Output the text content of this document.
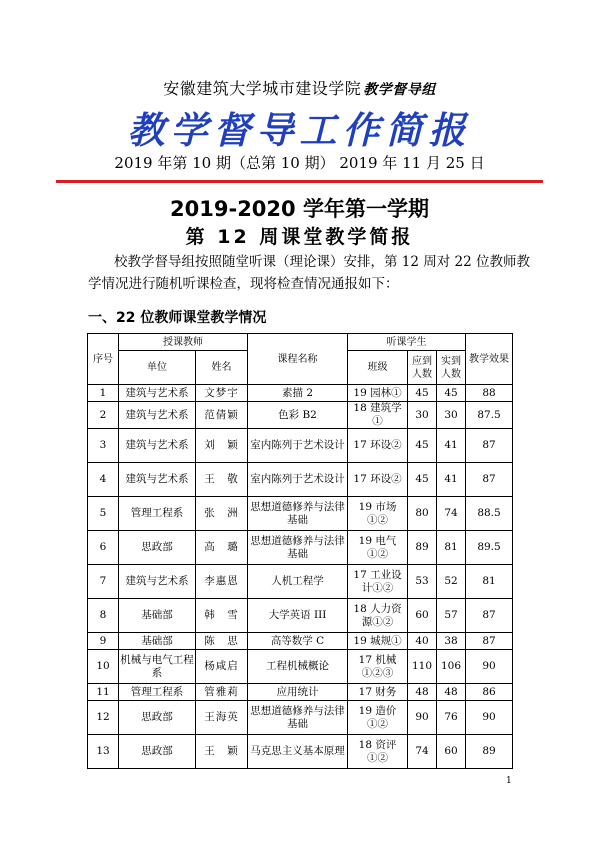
安徽建筑大学城市建设学院 教学督导组
教学督导工作简报
2019 年第 10 期（总第 10 期） 2019 年 11 月 25 日
2019-2020 学年第一学期
第 12 周课堂教学简报

校教学督导组按照随堂听课（理论课）安排，第 12 周对 22 位教师教学情况进行随机听课检查，现将检查情况通报如下：

一、22 位教师课堂教学情况
序号	授课教师		课程名称	听课学生			教学效果
	单位	姓名		班级	应到人数	实到人数	
1	建筑与艺术系	文梦宇	素描 2	19 园林①	45	45	88
2	建筑与艺术系	范倩颖	色彩 B2	18 建筑学①	30	30	87.5
3	建筑与艺术系	刘　颖	室内陈列于艺术设计	17 环设②	45	41	87
4	建筑与艺术系	王　敬	室内陈列于艺术设计	17 环设②	45	41	87
5	管理工程系	张　洲	思想道德修养与法律基础	19 市场①②	80	74	88.5
6	思政部	高　璐	思想道德修养与法律基础	19 电气①②	89	81	89.5
7	建筑与艺术系	李惠恩	人机工程学	17 工业设计①②	53	52	81
8	基础部	韩　雪	大学英语 III	18 人力资源①②	60	57	87
9	基础部	陈　思	高等数学 C	19 城规①	40	38	87
10	机械与电气工程系	杨咸启	工程机械概论	17 机械①②③	110	106	90
11	管理工程系	管雅莉	应用统计	17 财务	48	48	86
12	思政部	王海英	思想道德修养与法律基础	19 造价①②	90	76	90
13	思政部	王　颖	马克思主义基本原理	18 资评①②	74	60	89
1
